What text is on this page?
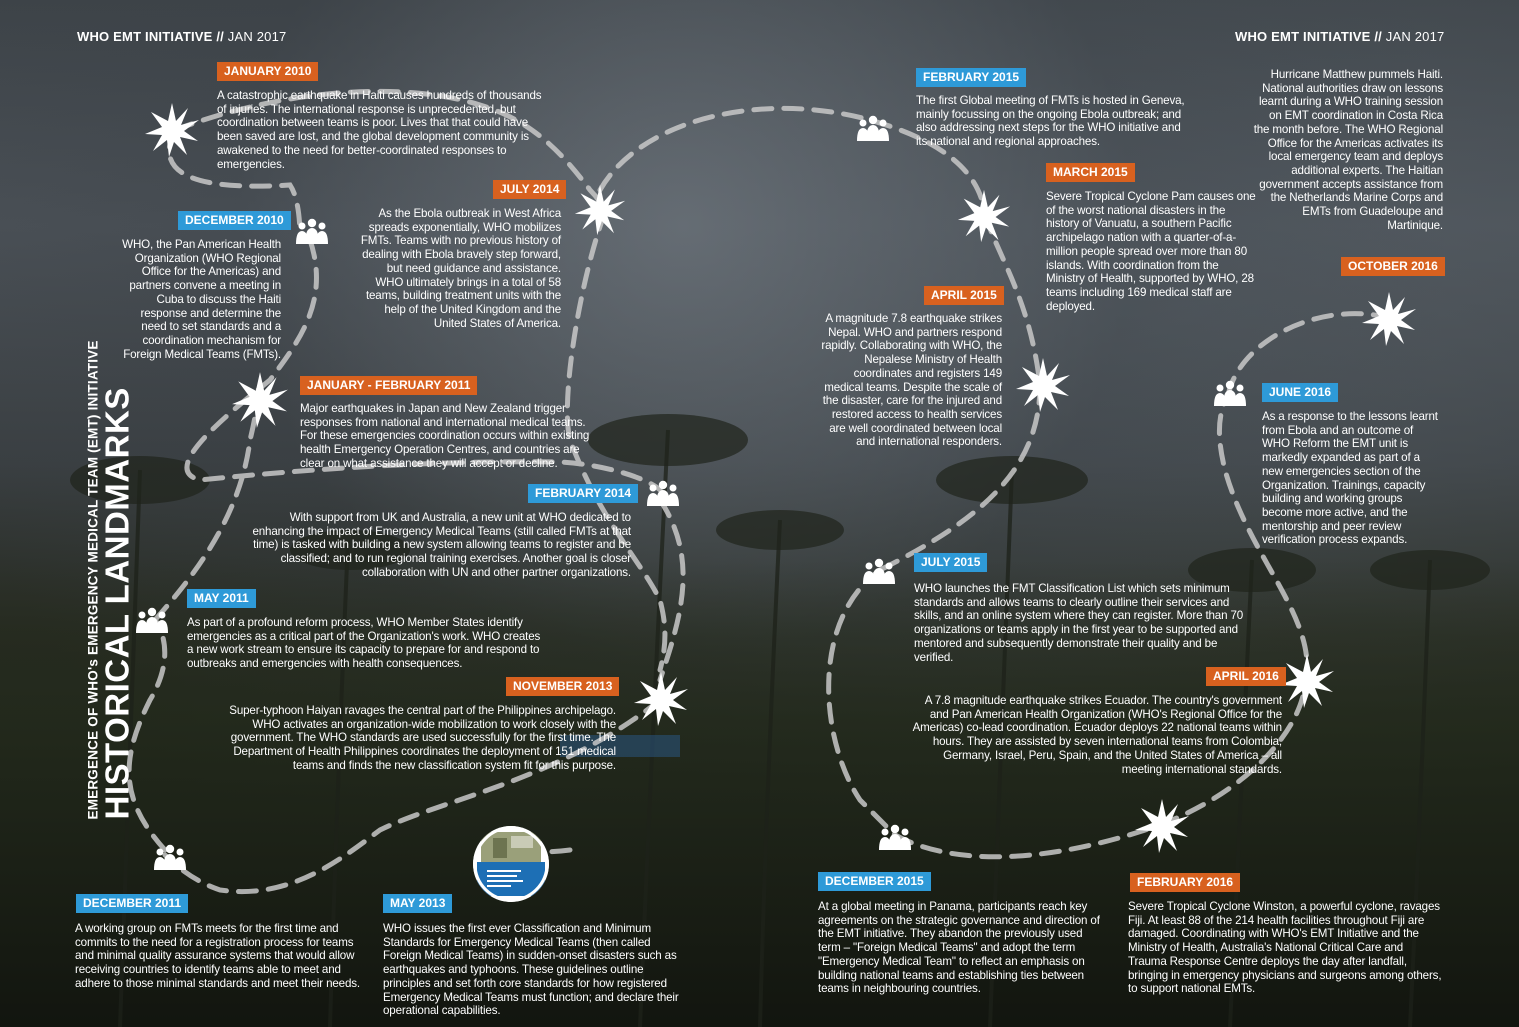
WHO EMT INITIATIVE // JAN 2017	WHO EMT INITIATIVE // JAN 2017
EMERGENCE OF WHO's EMERGENCY MEDICAL TEAM (EMT) INITIATIVE
HISTORICAL LANDMARKS
JANUARY 2010
A catastrophic earthquake in Haiti causes hundreds of thousands of injuries. The international response is unprecedented, but coordination between teams is poor. Lives that that could have been saved are lost, and the global development community is awakened to the need for better-coordinated responses to emergencies.
DECEMBER 2010
WHO, the Pan American Health Organization (WHO Regional Office for the Americas) and partners convene a meeting in Cuba to discuss the Haiti response and determine the need to set standards and a coordination mechanism for Foreign Medical Teams (FMTs).
JULY 2014
As the Ebola outbreak in West Africa spreads exponentially, WHO mobilizes FMTs. Teams with no previous history of dealing with Ebola bravely step forward, but need guidance and assistance. WHO ultimately brings in a total of 58 teams, building treatment units with the help of the United Kingdom and the United States of America.
JANUARY - FEBRUARY 2011
Major earthquakes in Japan and New Zealand trigger responses from national and international medical teams. For these emergencies coordination occurs within existing health Emergency Operation Centres, and countries are clear on what assistance they will accept or decline.
FEBRUARY 2014
With support from UK and Australia, a new unit at WHO dedicated to enhancing the impact of Emergency Medical Teams (still called FMTs at that time) is tasked with building a new system allowing teams to register and be classified; and to run regional training exercises. Another goal is closer collaboration with UN and other partner organizations.
MAY 2011
As part of a profound reform process, WHO Member States identify emergencies as a critical part of the Organization's work. WHO creates a new work stream to ensure its capacity to prepare for and respond to outbreaks and emergencies with health consequences.
NOVEMBER 2013
Super-typhoon Haiyan ravages the central part of the Philippines archipelago. WHO activates an organization-wide mobilization to work closely with the government. The WHO standards are used successfully for the first time. The Department of Health Philippines coordinates the deployment of 151 medical teams and finds the new classification system fit for this purpose.
DECEMBER 2011
A working group on FMTs meets for the first time and commits to the need for a registration process for teams and minimal quality assurance systems that would allow receiving countries to identify teams able to meet and adhere to those minimal standards and meet their needs.
MAY 2013
WHO issues the first ever Classification and Minimum Standards for Emergency Medical Teams (then called Foreign Medical Teams) in sudden-onset disasters such as earthquakes and typhoons. These guidelines outline principles and set forth core standards for how registered Emergency Medical Teams must function; and declare their operational capabilities.
FEBRUARY 2015
The first Global meeting of FMTs is hosted in Geneva, mainly focussing on the ongoing Ebola outbreak; and also addressing next steps for the WHO initiative and its national and regional approaches.
MARCH 2015
Severe Tropical Cyclone Pam causes one of the worst national disasters in the history of Vanuatu, a southern Pacific archipelago nation with a quarter-of-a-million people spread over more than 80 islands. With coordination from the Ministry of Health, supported by WHO, 28 teams including 169 medical staff are deployed.
APRIL 2015
A magnitude 7.8 earthquake strikes Nepal. WHO and partners respond rapidly. Collaborating with WHO, the Nepalese Ministry of Health coordinates and registers 149 medical teams. Despite the scale of the disaster, care for the injured and restored access to health services are well coordinated between local and international responders.
JULY 2015
WHO launches the FMT Classification List which sets minimum standards and allows teams to clearly outline their services and skills, and an online system where they can register. More than 70 organizations or teams apply in the first year to be supported and mentored and subsequently demonstrate their quality and be verified.
Hurricane Matthew pummels Haiti. National authorities draw on lessons learnt during a WHO training session on EMT coordination in Costa Rica the month before. The WHO Regional Office for the Americas activates its local emergency team and deploys additional experts. The Haitian government accepts assistance from the Netherlands Marine Corps and EMTs from Guadeloupe and Martinique.
OCTOBER 2016
JUNE 2016
As a response to the lessons learnt from Ebola and an outcome of WHO Reform the EMT unit is markedly expanded as part of a new emergencies section of the Organization. Trainings, capacity building and working groups become more active, and the mentorship and peer review verification process expands.
APRIL 2016
A 7.8 magnitude earthquake strikes Ecuador. The country's government and Pan American Health Organization (WHO's Regional Office for the Americas) co-lead coordination. Ecuador deploys 22 national teams within hours. They are assisted by seven international teams from Colombia, Germany, Israel, Peru, Spain, and the United States of America – all meeting international standards.
DECEMBER 2015
At a global meeting in Panama, participants reach key agreements on the strategic governance and direction of the EMT initiative. They abandon the previously used term – "Foreign Medical Teams" and adopt the term "Emergency Medical Team" to reflect an emphasis on building national teams and establishing ties between teams in neighbouring countries.
FEBRUARY 2016
Severe Tropical Cyclone Winston, a powerful cyclone, ravages Fiji. At least 88 of the 214 health facilities throughout Fiji are damaged. Coordinating with WHO's EMT Initiative and the Ministry of Health, Australia's National Critical Care and Trauma Response Centre deploys the day after landfall, bringing in emergency physicians and surgeons among others, to support national EMTs.
